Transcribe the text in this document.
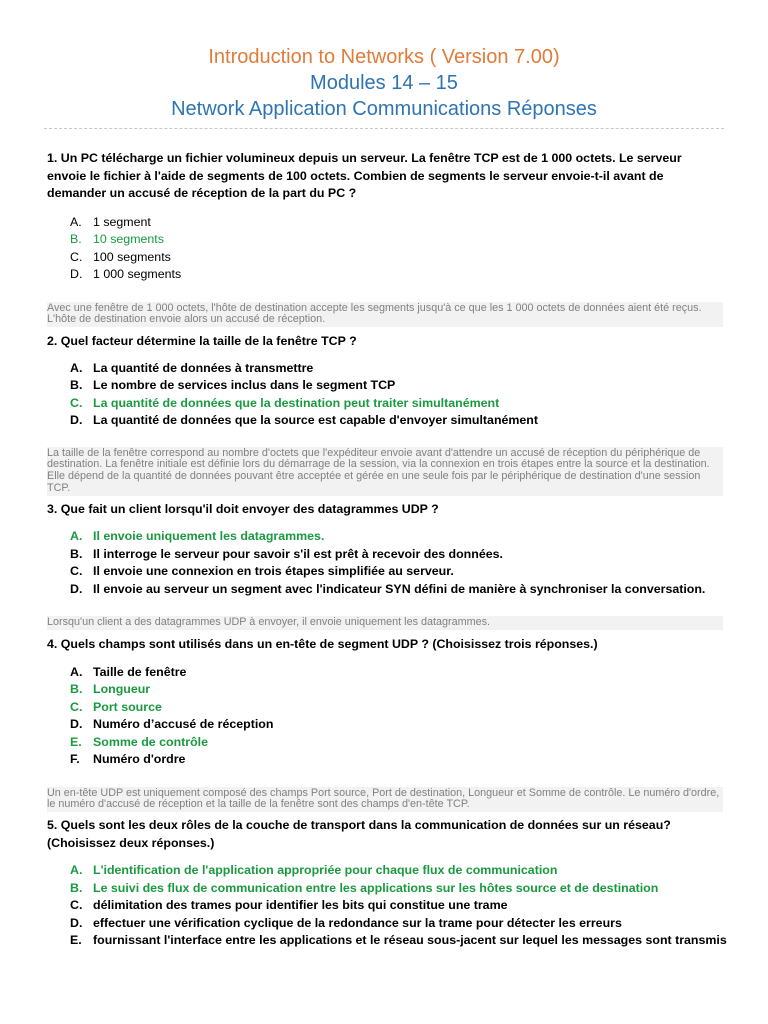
Introduction to Networks ( Version 7.00)
Modules 14 – 15
Network Application Communications Réponses

1. Un PC télécharge un fichier volumineux depuis un serveur. La fenêtre TCP est de 1 000 octets. Le serveur envoie le fichier à l'aide de segments de 100 octets. Combien de segments le serveur envoie-t-il avant de demander un accusé de réception de la part du PC ?

A. 1 segment
B. 10 segments
C. 100 segments
D. 1 000 segments

Avec une fenêtre de 1 000 octets, l'hôte de destination accepte les segments jusqu'à ce que les 1 000 octets de données aient été reçus. L'hôte de destination envoie alors un accusé de réception.

2. Quel facteur détermine la taille de la fenêtre TCP ?

A. La quantité de données à transmettre
B. Le nombre de services inclus dans le segment TCP
C. La quantité de données que la destination peut traiter simultanément
D. La quantité de données que la source est capable d'envoyer simultanément

La taille de la fenêtre correspond au nombre d'octets que l'expéditeur envoie avant d'attendre un accusé de réception du périphérique de destination. La fenêtre initiale est définie lors du démarrage de la session, via la connexion en trois étapes entre la source et la destination. Elle dépend de la quantité de données pouvant être acceptée et gérée en une seule fois par le périphérique de destination d'une session TCP.

3. Que fait un client lorsqu'il doit envoyer des datagrammes UDP ?

A. Il envoie uniquement les datagrammes.
B. Il interroge le serveur pour savoir s'il est prêt à recevoir des données.
C. Il envoie une connexion en trois étapes simplifiée au serveur.
D. Il envoie au serveur un segment avec l'indicateur SYN défini de manière à synchroniser la conversation.

Lorsqu'un client a des datagrammes UDP à envoyer, il envoie uniquement les datagrammes.

4. Quels champs sont utilisés dans un en-tête de segment UDP ? (Choisissez trois réponses.)

A. Taille de fenêtre
B. Longueur
C. Port source
D. Numéro d’accusé de réception
E. Somme de contrôle
F. Numéro d'ordre

Un en-tête UDP est uniquement composé des champs Port source, Port de destination, Longueur et Somme de contrôle. Le numéro d'ordre, le numéro d'accusé de réception et la taille de la fenêtre sont des champs d'en-tête TCP.

5. Quels sont les deux rôles de la couche de transport dans la communication de données sur un réseau? (Choisissez deux réponses.)

A. L'identification de l'application appropriée pour chaque flux de communication
B. Le suivi des flux de communication entre les applications sur les hôtes source et de destination
C. délimitation des trames pour identifier les bits qui constitue une trame
D. effectuer une vérification cyclique de la redondance sur la trame pour détecter les erreurs
E. fournissant l'interface entre les applications et le réseau sous-jacent sur lequel les messages sont transmis
